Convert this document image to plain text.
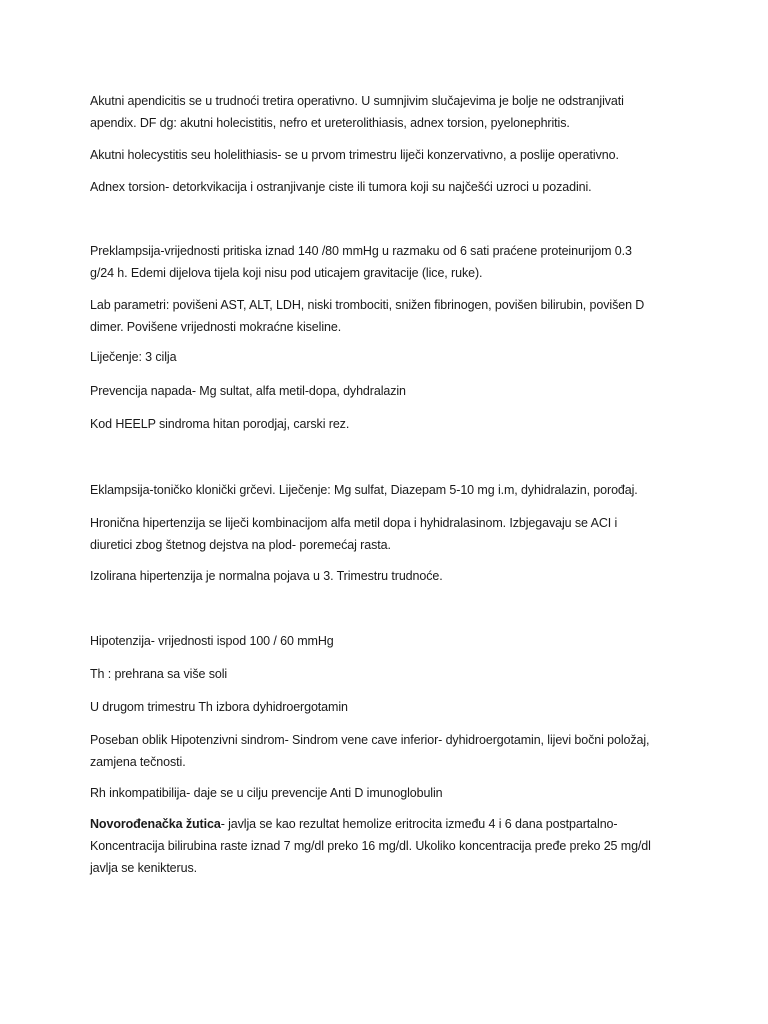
Akutni apendicitis se u trudnoći tretira operativno. U sumnjivim slučajevima je bolje ne odstranjivati
apendix. DF dg: akutni holecistitis, nefro et ureterolithiasis, adnex torsion, pyelonephritis.

Akutni holecystitis seu holelithiasis- se u prvom trimestru liječi konzervativno, a poslije operativno.

Adnex torsion- detorkvikacija i ostranjivanje ciste ili tumora koji su najčešći uzroci u pozadini.

Preklampsija-vrijednosti pritiska iznad 140 /80 mmHg u razmaku od 6 sati praćene proteinurijom 0.3
g/24 h. Edemi dijelova tijela koji nisu pod uticajem gravitacije (lice, ruke).

Lab parametri: povišeni AST, ALT, LDH, niski trombociti, snižen fibrinogen, povišen bilirubin, povišen D
dimer. Povišene vrijednosti mokraćne kiseline.

Liječenje: 3 cilja

Prevencija napada- Mg sultat, alfa metil-dopa, dyhdralazin

Kod HEELP sindroma hitan porodjaj, carski rez.

Eklampsija-toničko klonički grčevi. Liječenje: Mg sulfat, Diazepam 5-10 mg i.m, dyhidralazin, porođaj.

Hronična hipertenzija se liječi kombinacijom alfa metil dopa i hyhidralasinom. Izbjegavaju se ACI i
diuretici zbog štetnog dejstva na plod- poremećaj rasta.

Izolirana hipertenzija je normalna pojava u 3. Trimestru trudnoće.

Hipotenzija- vrijednosti ispod 100 / 60 mmHg

Th : prehrana sa više soli

U drugom trimestru Th izbora dyhidroergotamin

Poseban oblik Hipotenzivni sindrom- Sindrom vene cave inferior- dyhidroergotamin, lijevi bočni položaj,
zamjena tečnosti.

Rh inkompatibilija- daje se u cilju prevencije Anti D imunoglobulin

Novorođenačka žutica- javlja se kao rezultat hemolize eritrocita između 4 i 6 dana postpartalno-
Koncentracija bilirubina raste iznad 7 mg/dl preko 16 mg/dl. Ukoliko koncentracija pređe preko 25 mg/dl
javlja se kenikterus.
